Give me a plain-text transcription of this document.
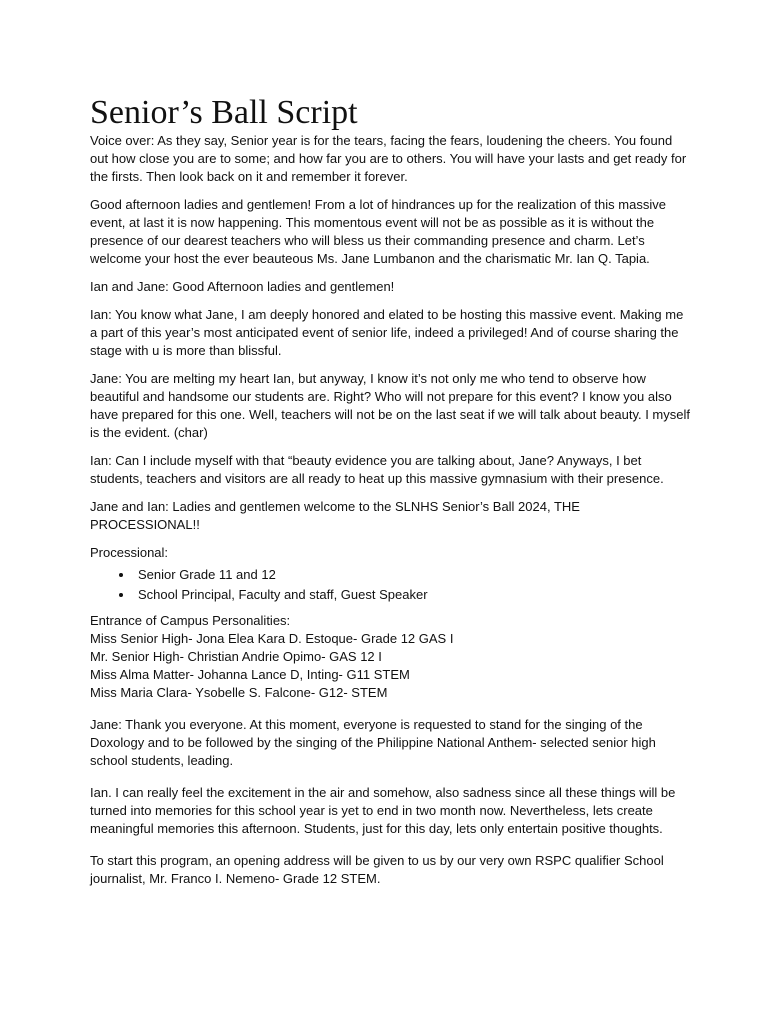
Senior’s Ball Script

Voice over: As they say, Senior year is for the tears, facing the fears, loudening the cheers. You found out how close you are to some; and how far you are to others. You will have your lasts and get ready for the firsts. Then look back on it and remember it forever.

Good afternoon ladies and gentlemen! From a lot of hindrances up for the realization of this massive event, at last it is now happening. This momentous event will not be as possible as it is without the presence of our dearest teachers who will bless us their commanding presence and charm. Let’s welcome your host the ever beauteous Ms. Jane Lumbanon and the charismatic Mr. Ian Q. Tapia.

Ian and Jane: Good Afternoon ladies and gentlemen!

Ian: You know what Jane, I am deeply honored and elated to be hosting this massive event. Making me a part of this year’s most anticipated event of senior life, indeed a privileged! And of course sharing the stage with u is more than blissful.

Jane: You are melting my heart Ian, but anyway, I know it’s not only me who tend to observe how beautiful and handsome our students are. Right? Who will not prepare for this event? I know you also have prepared for this one. Well, teachers will not be on the last seat if we will talk about beauty. I myself is the evident. (char)

Ian: Can I include myself with that “beauty evidence you are talking about, Jane? Anyways, I bet students, teachers and visitors are all ready to heat up this massive gymnasium with their presence.

Jane and Ian: Ladies and gentlemen welcome to the SLNHS Senior’s Ball 2024, THE PROCESSIONAL!!

Processional:

• Senior Grade 11 and 12
• School Principal, Faculty and staff, Guest Speaker
Entrance of Campus Personalities:
Miss Senior High- Jona Elea Kara D. Estoque- Grade 12 GAS I
Mr. Senior High- Christian Andrie Opimo- GAS 12 I
Miss Alma Matter- Johanna Lance D, Inting- G11 STEM
Miss Maria Clara- Ysobelle S. Falcone- G12- STEM

Jane: Thank you everyone. At this moment, everyone is requested to stand for the singing of the Doxology and to be followed by the singing of the Philippine National Anthem- selected senior high school students, leading.

Ian. I can really feel the excitement in the air and somehow, also sadness since all these things will be turned into memories for this school year is yet to end in two month now. Nevertheless, lets create meaningful memories this afternoon. Students, just for this day, lets only entertain positive thoughts.

To start this program, an opening address will be given to us by our very own RSPC qualifier School journalist, Mr. Franco I. Nemeno- Grade 12 STEM.
